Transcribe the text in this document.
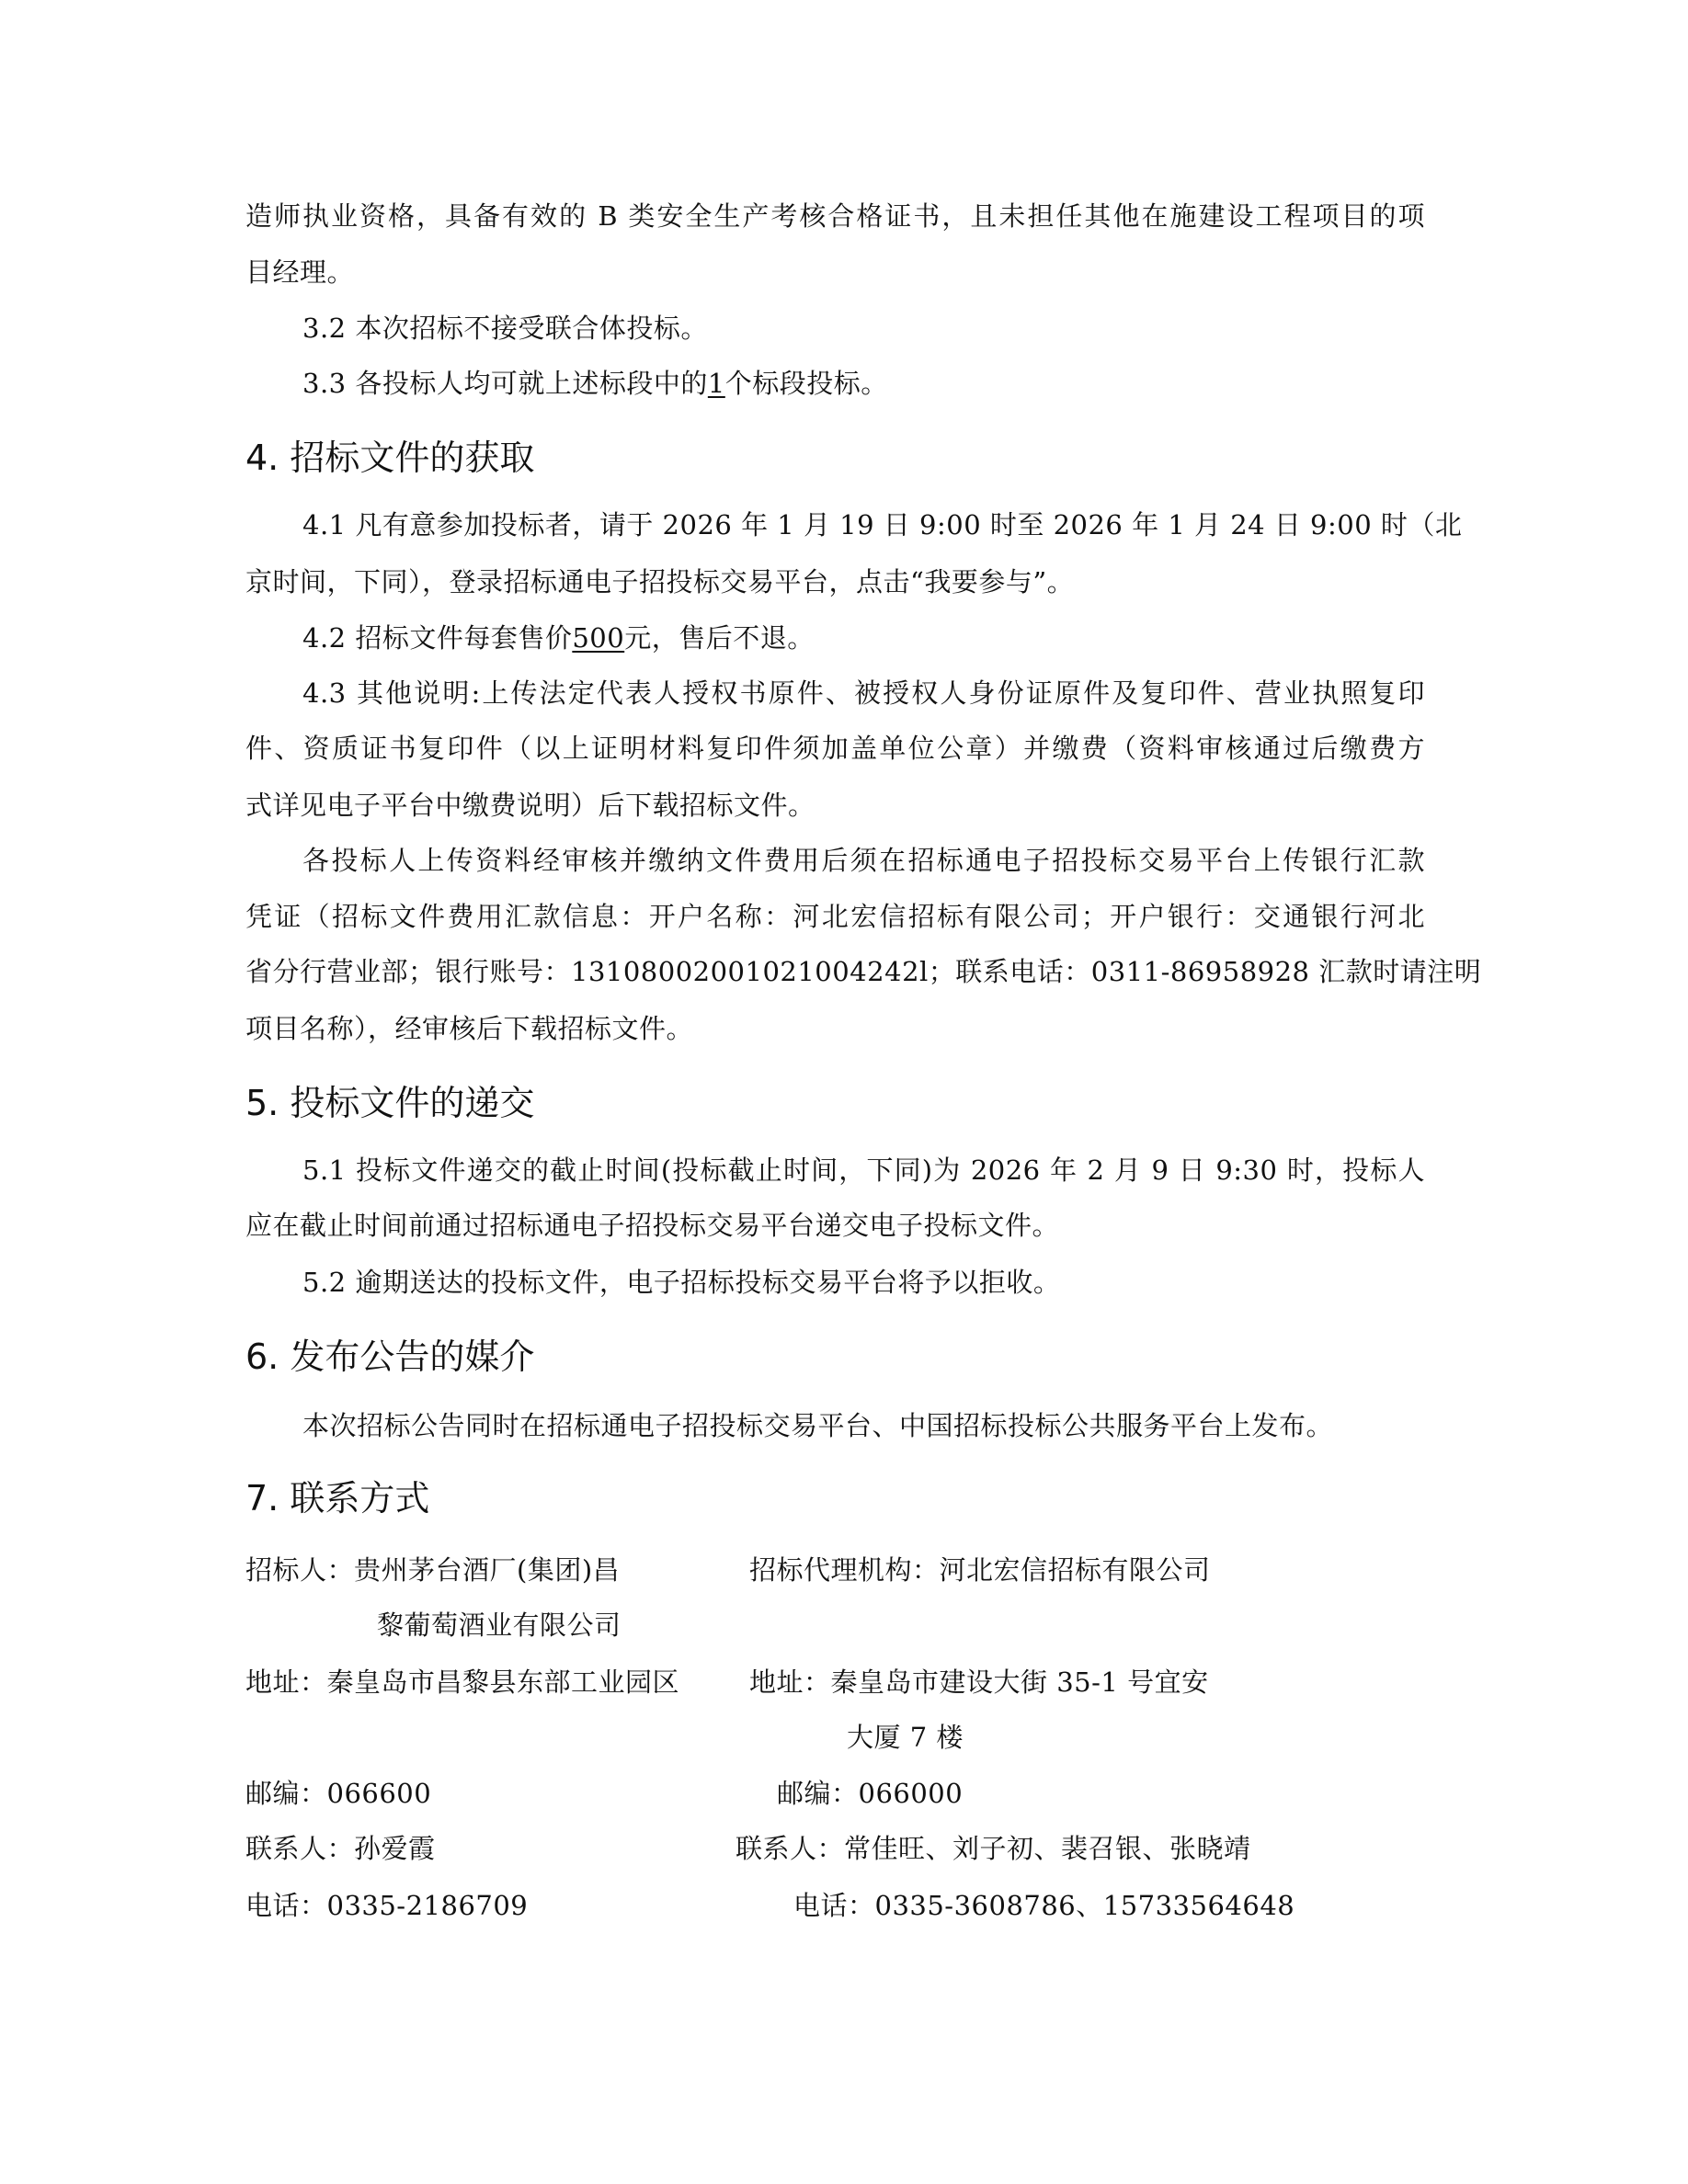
造师执业资格，具备有效的 B 类安全生产考核合格证书，且未担任其他在施建设工程项目的项
目经理。
3.2 本次招标不接受联合体投标。
3.3 各投标人均可就上述标段中的1个标段投标。
4. 招标文件的获取
4.1 凡有意参加投标者，请于 2026 年 1 月 19 日 9:00 时至 2026 年 1 月 24 日 9:00 时（北
京时间，下同），登录招标通电子招投标交易平台，点击“我要参与”。
4.2 招标文件每套售价500元，售后不退。
4.3 其他说明:上传法定代表人授权书原件、被授权人身份证原件及复印件、营业执照复印
件、资质证书复印件（以上证明材料复印件须加盖单位公章）并缴费（资料审核通过后缴费方
式详见电子平台中缴费说明）后下载招标文件。
各投标人上传资料经审核并缴纳文件费用后须在招标通电子招投标交易平台上传银行汇款
凭证（招标文件费用汇款信息：开户名称：河北宏信招标有限公司；开户银行：交通银行河北
省分行营业部；银行账号：13108002001021004242l；联系电话：0311-86958928 汇款时请注明
项目名称），经审核后下载招标文件。
5. 投标文件的递交
5.1 投标文件递交的截止时间(投标截止时间，下同)为 2026 年 2 月 9 日 9:30 时，投标人
应在截止时间前通过招标通电子招投标交易平台递交电子投标文件。
5.2 逾期送达的投标文件，电子招标投标交易平台将予以拒收。
6. 发布公告的媒介
本次招标公告同时在招标通电子招投标交易平台、中国招标投标公共服务平台上发布。
7. 联系方式
招标人：贵州茅台酒厂(集团)昌
黎葡萄酒业有限公司
地址：秦皇岛市昌黎县东部工业园区
邮编：066600
联系人：孙爱霞
电话：0335-2186709
招标代理机构：河北宏信招标有限公司
地址：秦皇岛市建设大街 35-1 号宜安
大厦 7 楼
邮编：066000
联系人：常佳旺、刘子初、裴召银、张晓靖
电话：0335-3608786、15733564648
